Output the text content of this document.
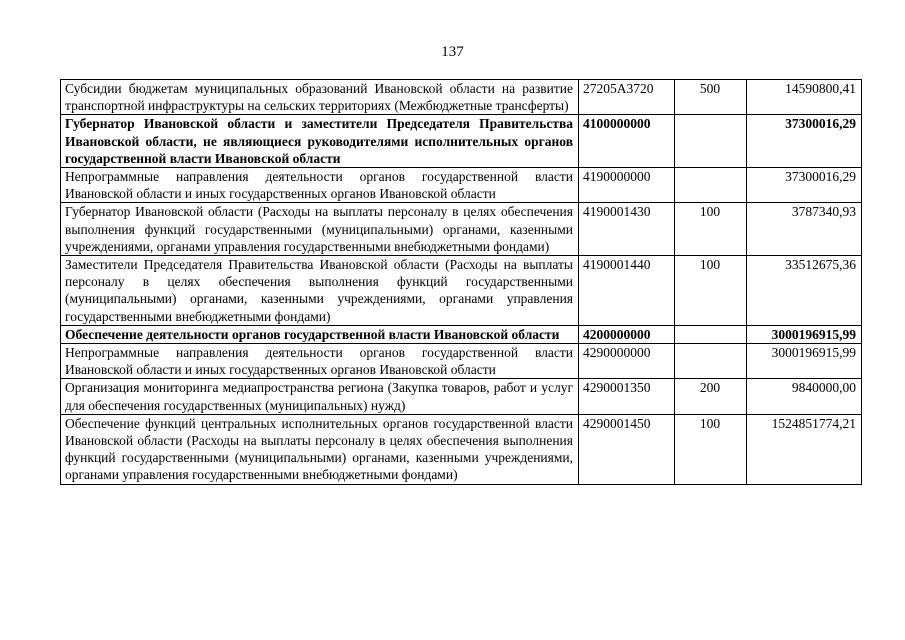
137
Субсидии бюджетам муниципальных образований Ивановской области на развитие транспортной инфраструктуры на сельских территориях (Межбюджетные трансферты)	27205А3720	500	14590800,41
Губернатор Ивановской области и заместители Председателя Правительства Ивановской области, не являющиеся руководителями исполнительных органов государственной власти Ивановской области	4100000000		37300016,29
Непрограммные направления деятельности органов государственной власти Ивановской области и иных государственных органов Ивановской области	4190000000		37300016,29
Губернатор Ивановской области (Расходы на выплаты персоналу в целях обеспечения выполнения функций государственными (муниципальными) органами, казенными учреждениями, органами управления государственными внебюджетными фондами)	4190001430	100	3787340,93
Заместители Председателя Правительства Ивановской области (Расходы на выплаты персоналу в целях обеспечения выполнения функций государственными (муниципальными) органами, казенными учреждениями, органами управления государственными внебюджетными фондами)	4190001440	100	33512675,36
Обеспечение деятельности органов государственной власти Ивановской области	4200000000		3000196915,99
Непрограммные направления деятельности органов государственной власти Ивановской области и иных государственных органов Ивановской области	4290000000		3000196915,99
Организация мониторинга медиапространства региона (Закупка товаров, работ и услуг для обеспечения государственных (муниципальных) нужд)	4290001350	200	9840000,00
Обеспечение функций центральных исполнительных органов государственной власти Ивановской области (Расходы на выплаты персоналу в целях обеспечения выполнения функций государственными (муниципальными) органами, казенными учреждениями, органами управления государственными внебюджетными фондами)	4290001450	100	1524851774,21
